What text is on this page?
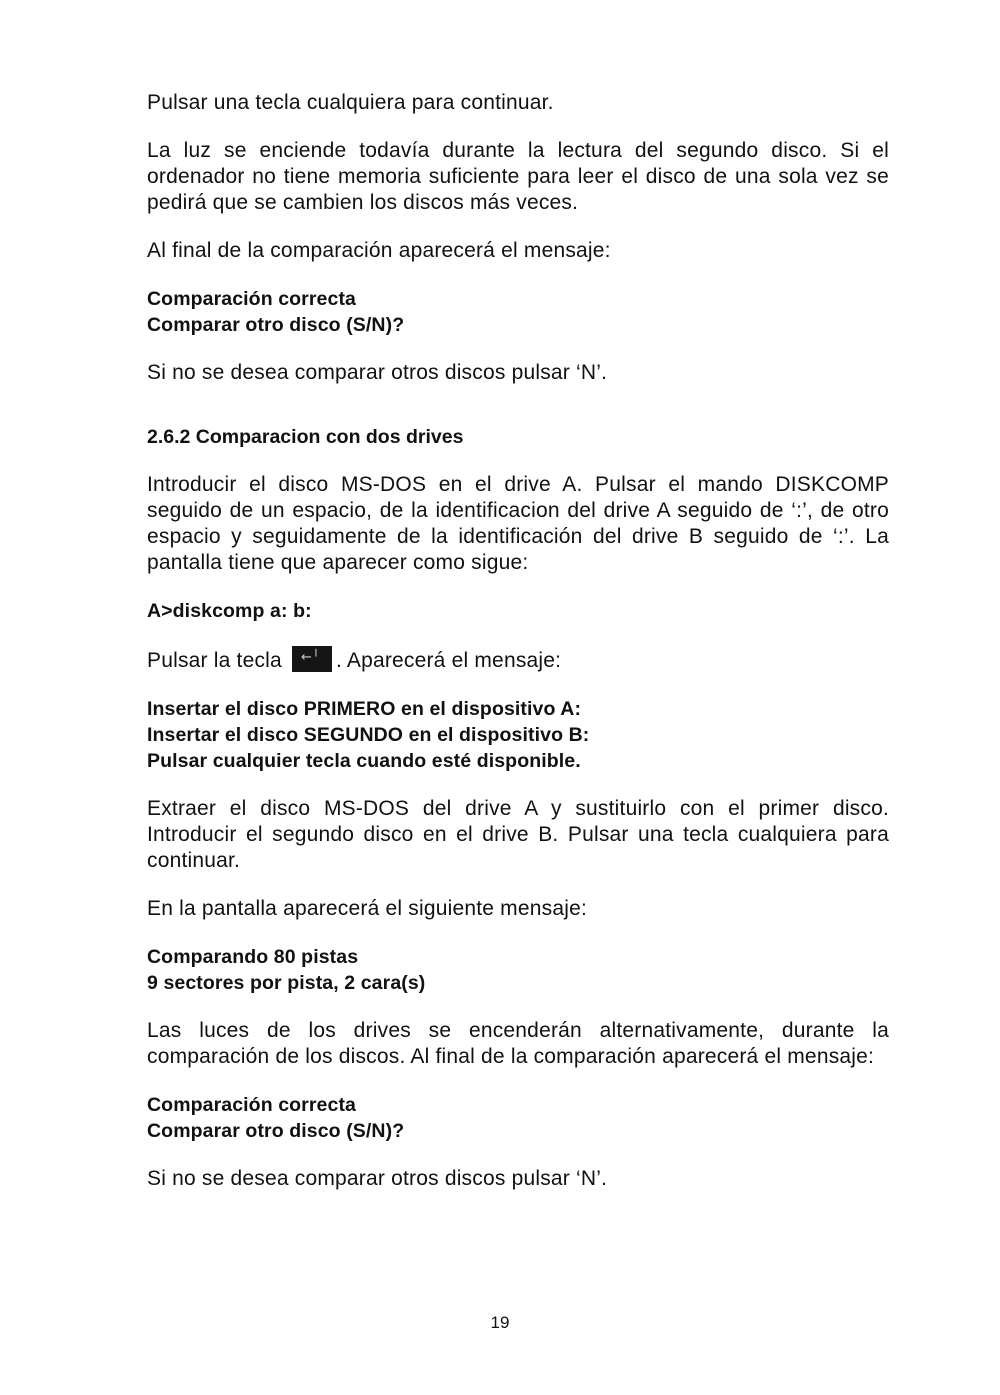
Pulsar una tecla cualquiera para continuar.

La luz se enciende todavía durante la lectura del segundo disco. Si el ordenador no tiene memoria suficiente para leer el disco de una sola vez se pedirá que se cambien los discos más veces.

Al final de la comparación aparecerá el mensaje:

Comparación correcta

Comparar otro disco (S/N)?

Si no se desea comparar otros discos pulsar ‘N’.

2.6.2 Comparacion con dos drives

Introducir el disco MS-DOS en el drive A. Pulsar el mando DISKCOMP seguido de un espacio, de la identificacion del drive A seguido de ‘:’, de otro espacio y seguidamente de la identificación del drive B seguido de ‘:’. La pantalla tiene que aparecer como sigue:

A>diskcomp a: b:

Pulsar la tecla ←╵ . Aparecerá el mensaje:

Insertar el disco PRIMERO en el dispositivo A:

Insertar el disco SEGUNDO en el dispositivo B:

Pulsar cualquier tecla cuando esté disponible.

Extraer el disco MS-DOS del drive A y sustituirlo con el primer disco. Introducir el segundo disco en el drive B. Pulsar una tecla cualquiera para continuar.

En la pantalla aparecerá el siguiente mensaje:

Comparando 80 pistas

9 sectores por pista, 2 cara(s)

Las luces de los drives se encenderán alternativamente, durante la comparación de los discos. Al final de la comparación aparecerá el mensaje:

Comparación correcta

Comparar otro disco (S/N)?

Si no se desea comparar otros discos pulsar ‘N’.

19
